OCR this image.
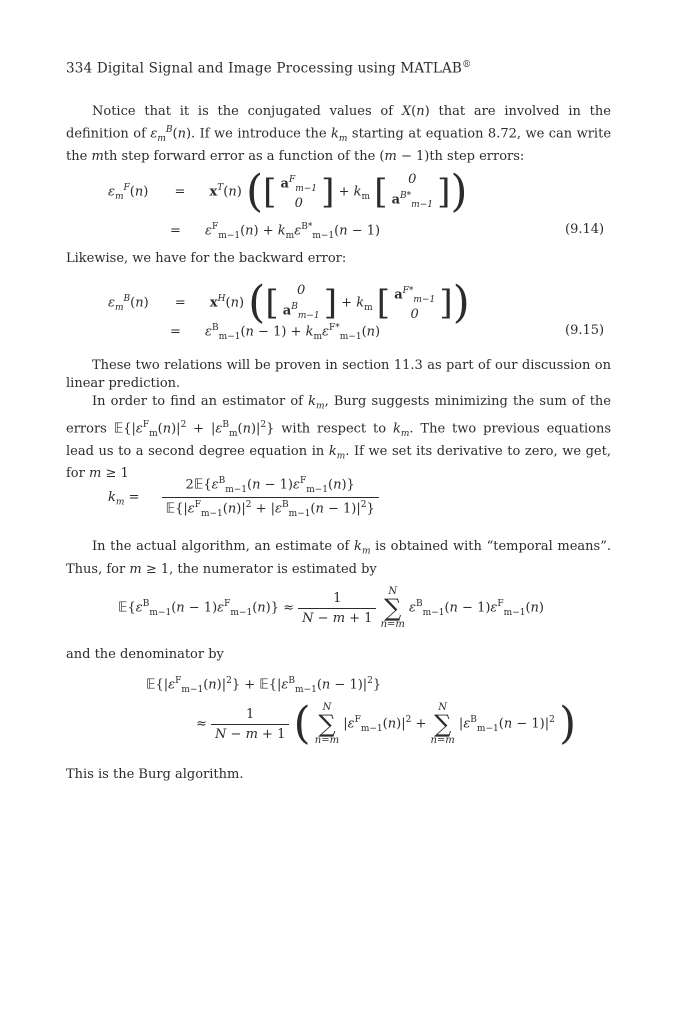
334 Digital Signal and Image Processing using MATLAB®
Notice that it is the conjugated values of X(n) that are involved in the definition of $\varepsilon_m^B(n)$. If we introduce the $k_m$ starting at equation 8.72, we can write the mth step forward error as a function of the (m − 1)th step errors:
$\varepsilon_m^F(n) = x^T(n)$ ([ $a^F_{m-1}$
0 ] + $k_m$ [ 0
$a^{B*}_{m-1}$ ])
= $\varepsilon^F_{m-1}(n) + k_m\varepsilon^{B*}_{m-1}(n - 1)$	(9.14)
Likewise, we have for the backward error:
$\varepsilon_m^B(n) = x^H(n)$ ([ 0
$a^B_{m-1}$ ] + $k_m$ [ $a^{F*}_{m-1}$
0 ])
= $\varepsilon^B_{m-1}(n - 1) + k_m\varepsilon^{F*}_{m-1}(n)$	(9.15)
These two relations will be proven in section 11.3 as part of our discussion on linear prediction.
In order to find an estimator of $k_m$, Burg suggests minimizing the sum of the errors $𝔼\{|\varepsilon^F_m(n)|^2 + |\varepsilon^B_m(n)|^2\}$ with respect to $k_m$. The two previous equations lead us to a second degree equation in $k_m$. If we set its derivative to zero, we get, for m ≥ 1
$k_m = \frac{2𝔼\{\varepsilon^B_{m-1}(n - 1)\varepsilon^F_{m-1}(n)\}}{𝔼\{|\varepsilon^F_{m-1}(n)|^2 + |\varepsilon^B_{m-1}(n - 1)|^2\}}$
In the actual algorithm, an estimate of $k_m$ is obtained with “temporal means”. Thus, for m ≥ 1, the numerator is estimated by
$𝔼\{\varepsilon^B_{m-1}(n - 1)\varepsilon^F_{m-1}(n)\} \approx \frac{1}{N - m + 1}$
	N
∑
n=m
$\varepsilon^B_{m-1}(n - 1)\varepsilon^F_{m-1}(n)$
and the denominator by
$𝔼\{|\varepsilon^F_{m-1}(n)|^2\}$ + $𝔼\{|\varepsilon^B_{m-1}(n - 1)|^2\}$
≈ $\frac{1}{N - m + 1}$ (	N
∑
n=m
$|\varepsilon^F_{m-1}(n)|^2$ +
N
∑
n=m
$|\varepsilon^B_{m-1}(n - 1)|^2$ )
This is the Burg algorithm.
